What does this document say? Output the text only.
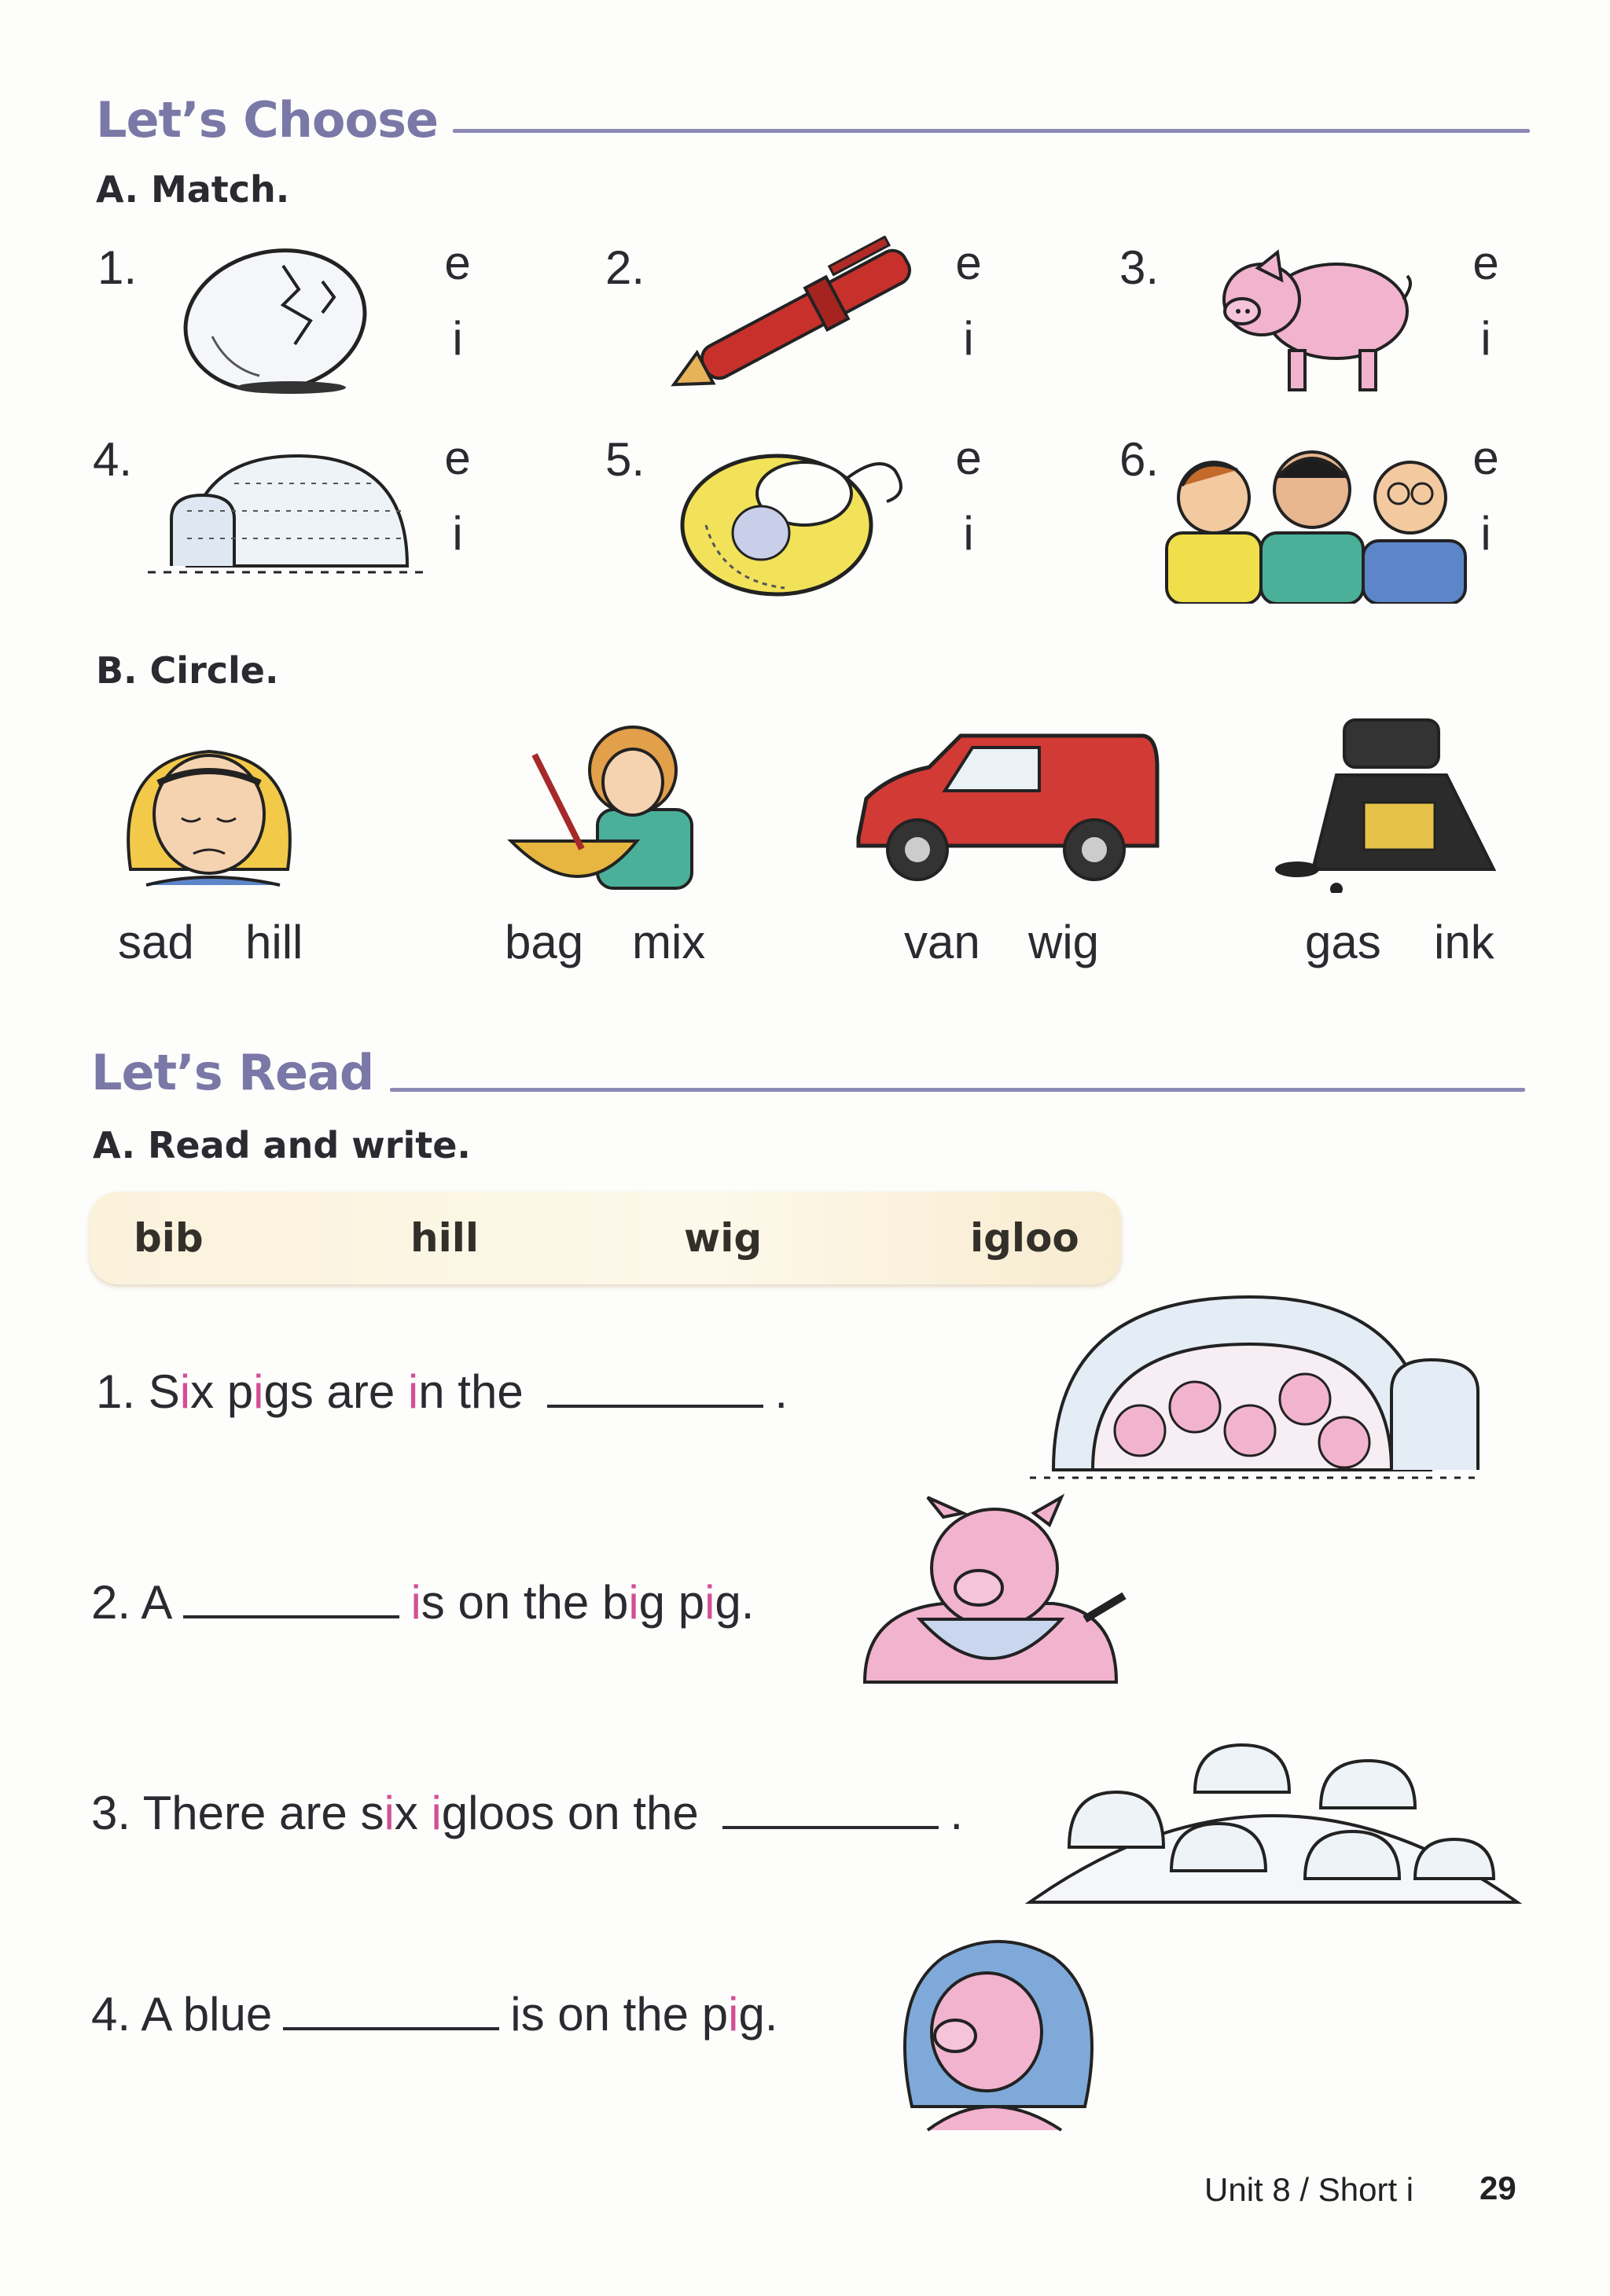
Let’s Choose
A. Match.
1.	e
i
2.	e
i
3.	e
i
4.	e
i
5.	e
i
6.	e
i
B. Circle.
sad hill	bag mix	van wig	gas ink
Let’s Read
A. Read and write.
bib	hill	wig	igloo
1. Six pigs are in the	.
2. A	is on the big pig.
3. There are six igloos on the	.
4. A blue	is on the pig.
Unit 8 / Short i 29
